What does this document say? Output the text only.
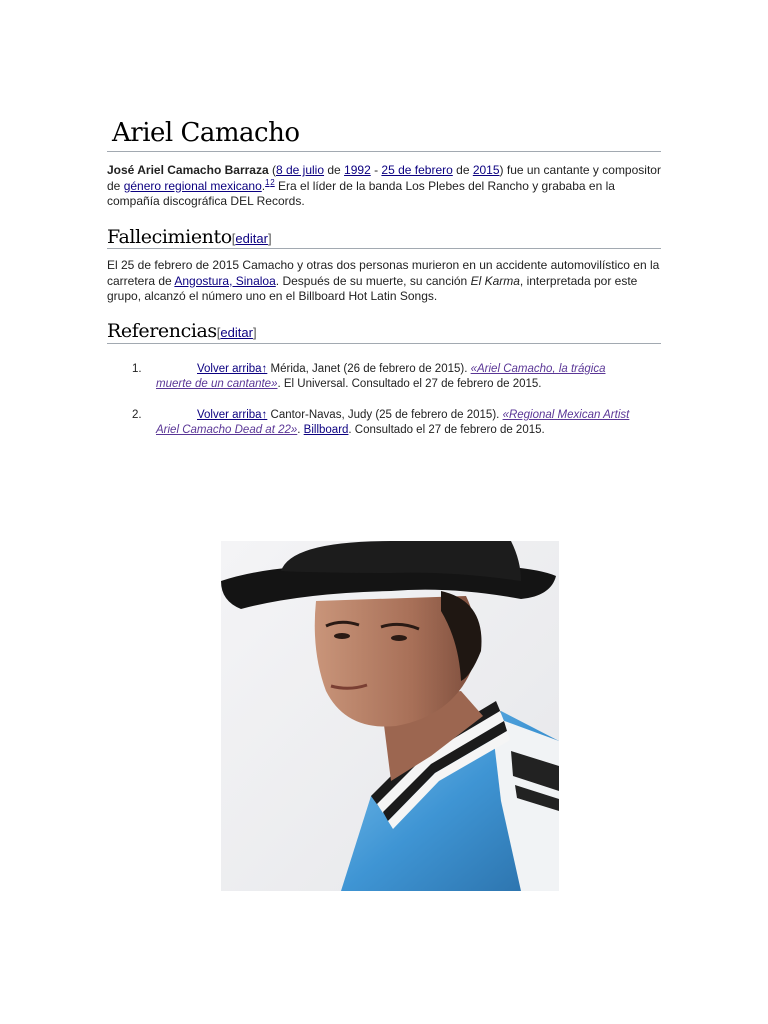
Ariel Camacho
José Ariel Camacho Barraza (8 de julio de 1992 - 25 de febrero de 2015) fue un cantante y compositor de género regional mexicano.$^{1 2}$ Era el líder de la banda Los Plebes del Rancho y grababa en la compañía discográfica DEL Records.
Fallecimiento[editar]
El 25 de febrero de 2015 Camacho y otras dos personas murieron en un accidente automovilístico en la carretera de Angostura, Sinaloa. Después de su muerte, su canción El Karma, interpretada por este grupo, alcanzó el número uno en el Billboard Hot Latin Songs.
Referencias[editar]
1.	Volver arriba↑ Mérida, Janet (26 de febrero de 2015). «Ariel Camacho, la trágica muerte de un cantante». El Universal. Consultado el 27 de febrero de 2015.
2.	Volver arriba↑ Cantor-Navas, Judy (25 de febrero de 2015). «Regional Mexican Artist Ariel Camacho Dead at 22». Billboard. Consultado el 27 de febrero de 2015.
